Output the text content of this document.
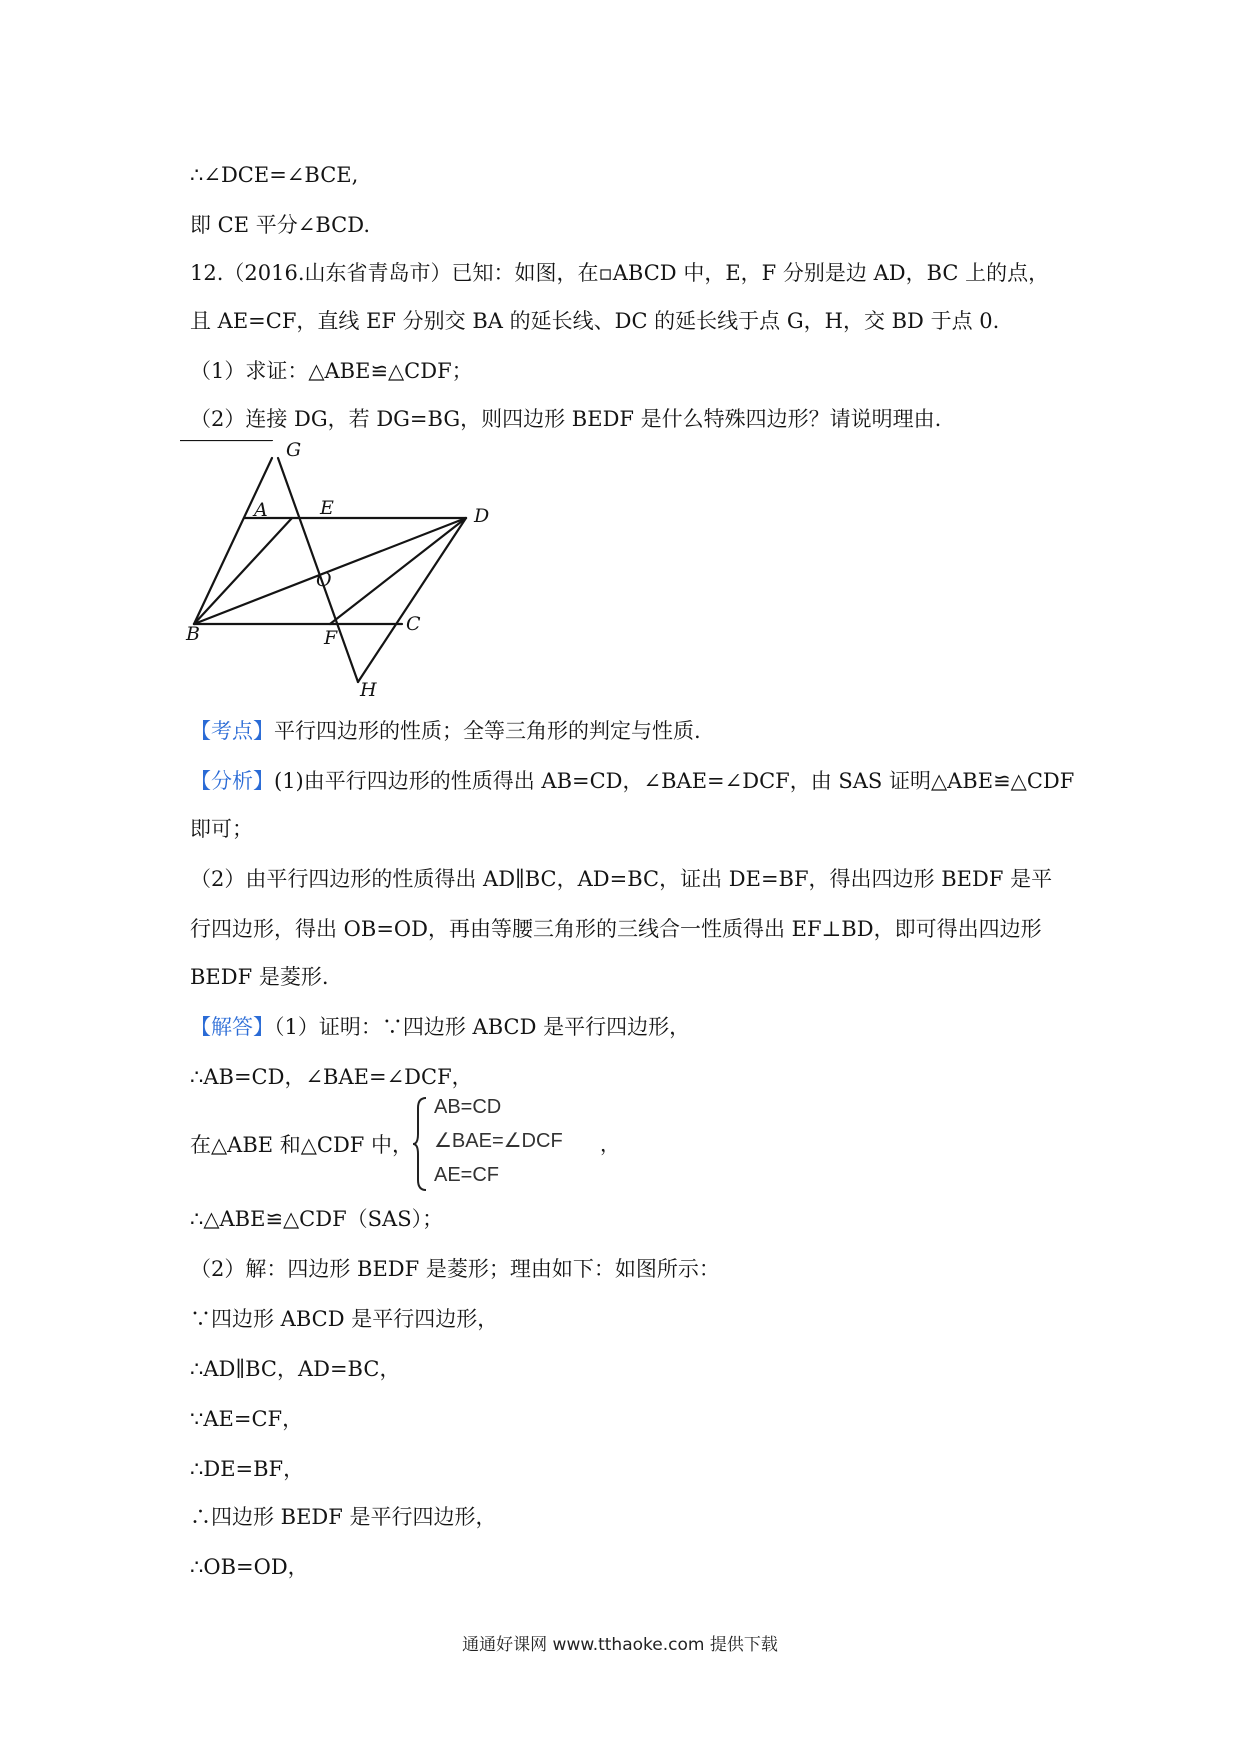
∴∠DCE=∠BCE,
即 CE 平分∠BCD.
12.（2016.山东省青岛市）已知：如图，在▫ABCD 中，E，F 分别是边 AD，BC 上的点，
且 AE=CF，直线 EF 分别交 BA 的延长线、DC 的延长线于点 G，H，交 BD 于点 0.
（1）求证：△ABE≌△CDF；
（2）连接 DG，若 DG=BG，则四边形 BEDF 是什么特殊四边形？请说明理由.
G
A	E	D
O
B	F
C
H
【考点】平行四边形的性质；全等三角形的判定与性质.
【分析】(1)由平行四边形的性质得出 AB=CD，∠BAE=∠DCF，由 SAS 证明△ABE≌△CDF
即可；
（2）由平行四边形的性质得出 AD∥BC，AD=BC，证出 DE=BF，得出四边形 BEDF 是平
行四边形，得出 OB=OD，再由等腰三角形的三线合一性质得出 EF⊥BD，即可得出四边形
BEDF 是菱形.
【解答】（1）证明：∵四边形 ABCD 是平行四边形，
∴AB=CD，∠BAE=∠DCF，
在△ABE 和△CDF 中，
AB=CD
∠BAE=∠DCF
AE=CF
，
∴△ABE≌△CDF（SAS）；
（2）解：四边形 BEDF 是菱形；理由如下：如图所示：
∵四边形 ABCD 是平行四边形，
∴AD∥BC，AD=BC，
∵AE=CF，
∴DE=BF，
∴四边形 BEDF 是平行四边形，
∴OB=OD，
通通好课网 www.tthaoke.com 提供下载
